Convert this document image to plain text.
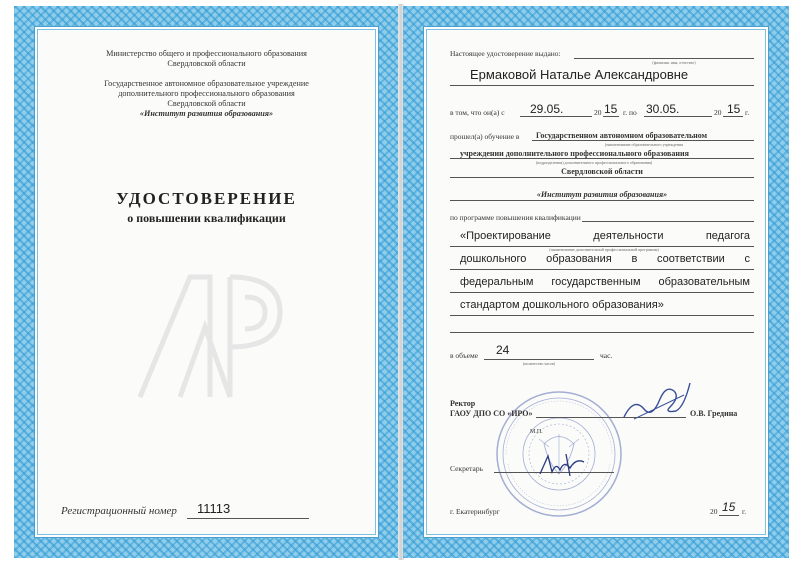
Министерство общего и профессионального образования
Свердловской области
Государственное автономное образовательное учреждение
дополнительного профессионального образования
Свердловской области
«Институт развития образования»
УДОСТОВЕРЕНИЕ
о повышении квалификации
Регистрационный номер 11113
Настоящее удостоверение выдано:
(фамилия, имя, отчество)
Ермаковой Наталье Александровне
в том, что он(а) с 29.05.	20 15 г. по 30.05.	20 15 г.
прошел(а) обучение в Государственном автономном образовательном
(наименование образовательного учреждения
учреждении дополнительного профессионального образования
(подразделения) дополнительного профессионального образования)
Свердловской области
«Институт развития образования»
по программе повышения квалификации
«Проектирование деятельности педагога
(наименование дополнительной профессиональной программы)
дошкольного образования в соответствии с
федеральным государственным образовательным
стандартом дошкольного образования»
в объеме 24
(количество часов)
час.
Ректор
ГАОУ ДПО СО «ИРО»	О.В. Гредина
М.П.
Секретарь
г. Екатеринбург	20 15 г.
